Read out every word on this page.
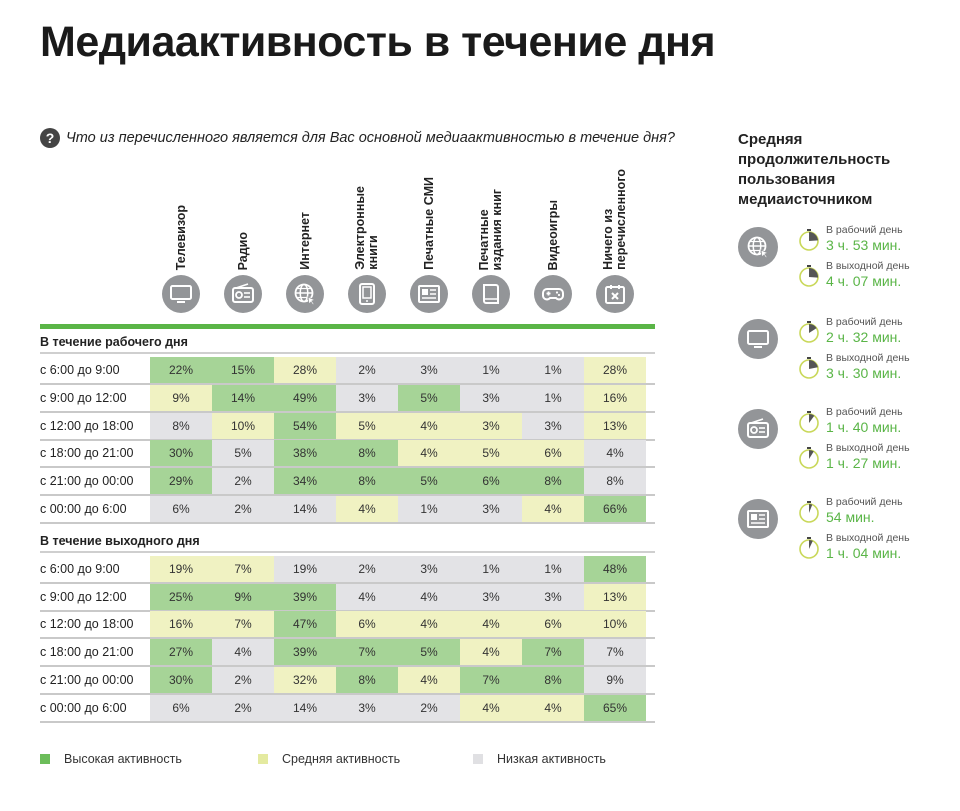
Медиаактивность в течение дня
? Что из перечисленного является для Вас основной медиаактивностью в течение дня?
Телевизор	Радио	Интернет	Электронные
книги	Печатные СМИ	Печатные
издания книг	Видеоигры	Ничего из
перечисленного
В течение рабочего дня
с 6:00 до 9:00	22%	15%	28%	2%	3%	1%	1%	28%
с 9:00 до 12:00	9%	14%	49%	3%	5%	3%	1%	16%
с 12:00 до 18:00	8%	10%	54%	5%	4%	3%	3%	13%
с 18:00 до 21:00	30%	5%	38%	8%	4%	5%	6%	4%
с 21:00 до 00:00	29%	2%	34%	8%	5%	6%	8%	8%
с 00:00 до 6:00	6%	2%	14%	4%	1%	3%	4%	66%
В течение выходного дня
с 6:00 до 9:00	19%	7%	19%	2%	3%	1%	1%	48%
с 9:00 до 12:00	25%	9%	39%	4%	4%	3%	3%	13%
с 12:00 до 18:00	16%	7%	47%	6%	4%	4%	6%	10%
с 18:00 до 21:00	27%	4%	39%	7%	5%	4%	7%	7%
с 21:00 до 00:00	30%	2%	32%	8%	4%	7%	8%	9%
с 00:00 до 6:00	6%	2%	14%	3%	2%	4%	4%	65%
Высокая активность	Средняя активность	Низкая активность
Средняя
продолжительность
пользования
медиаисточником
В рабочий день
3 ч. 53 мин.
В выходной день
4 ч. 07 мин.
В рабочий день
2 ч. 32 мин.
В выходной день
3 ч. 30 мин.
В рабочий день
1 ч. 40 мин.
В выходной день
1 ч. 27 мин.
В рабочий день
54 мин.
В выходной день
1 ч. 04 мин.
